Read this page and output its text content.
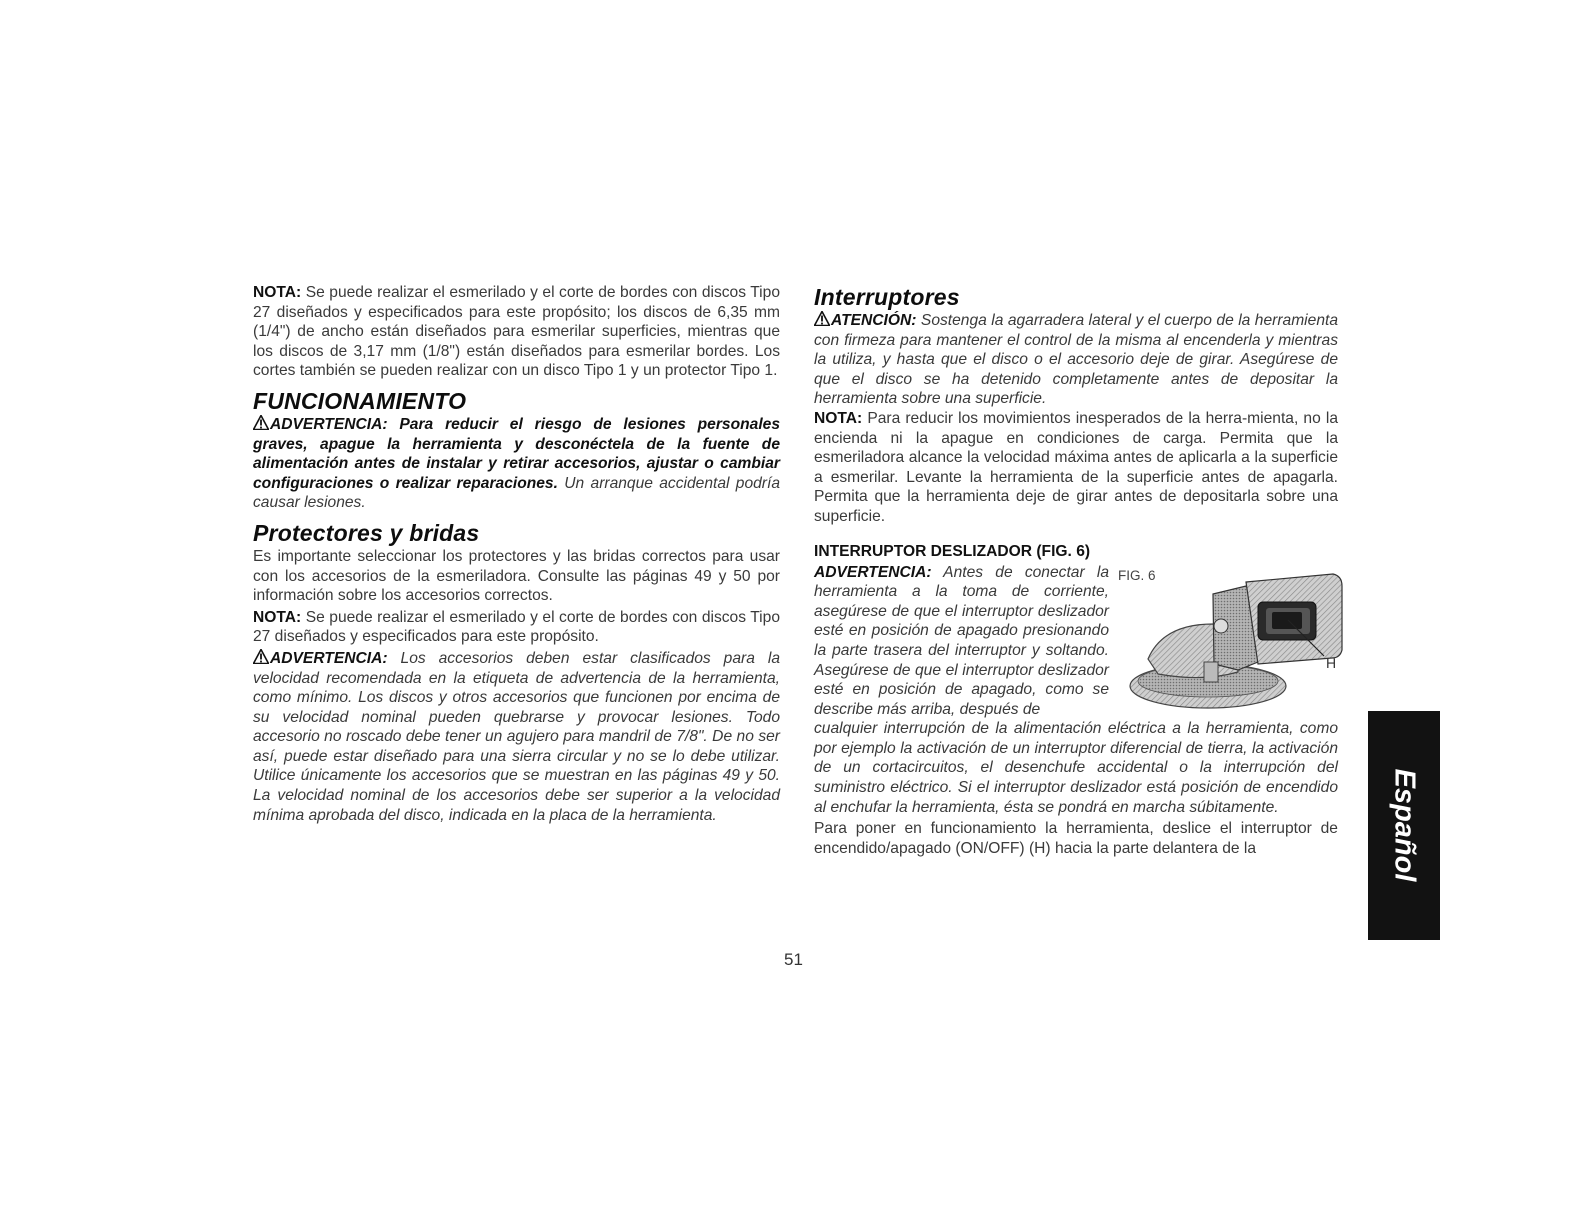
NOTA: Se puede realizar el esmerilado y el corte de bordes con discos Tipo 27 diseñados y especificados para este propósito; los discos de 6,35 mm (1/4") de ancho están diseñados para esmerilar superficies, mientras que los discos de 3,17 mm (1/8") están diseñados para esmerilar bordes. Los cortes también se pueden realizar con un disco Tipo 1 y un protector Tipo 1.

FUNCIONAMIENTO

ADVERTENCIA: Para reducir el riesgo de lesiones personales graves, apague la herramienta y desconéctela de la fuente de alimentación antes de instalar y retirar accesorios, ajustar o cambiar configuraciones o realizar reparaciones. Un arranque accidental podría causar lesiones.

Protectores y bridas

Es importante seleccionar los protectores y las bridas correctos para usar con los accesorios de la esmeriladora. Consulte las páginas 49 y 50 por información sobre los accesorios correctos.

NOTA: Se puede realizar el esmerilado y el corte de bordes con discos Tipo 27 diseñados y especificados para este propósito.

ADVERTENCIA: Los accesorios deben estar clasificados para la velocidad recomendada en la etiqueta de advertencia de la herramienta, como mínimo. Los discos y otros accesorios que funcionen por encima de su velocidad nominal pueden quebrarse y provocar lesiones. Todo accesorio no roscado debe tener un agujero para mandril de 7/8". De no ser así, puede estar diseñado para una sierra circular y no se lo debe utilizar. Utilice únicamente los accesorios que se muestran en las páginas 49 y 50. La velocidad nominal de los accesorios debe ser superior a la velocidad mínima aprobada del disco, indicada en la placa de la herramienta.

Interruptores

ATENCIÓN: Sostenga la agarradera lateral y el cuerpo de la herramienta con firmeza para mantener el control de la misma al encenderla y mientras la utiliza, y hasta que el disco o el accesorio deje de girar. Asegúrese de que el disco se ha detenido completamente antes de depositar la herramienta sobre una superficie.

NOTA: Para reducir los movimientos inesperados de la herra-mienta, no la encienda ni la apague en condiciones de carga. Permita que la esmeriladora alcance la velocidad máxima antes de aplicarla a la superficie a esmerilar. Levante la herramienta de la superficie antes de apagarla. Permita que la herramienta deje de girar antes de depositarla sobre una superficie.

INTERRUPTOR DESLIZADOR (FIG. 6)

ADVERTENCIA: Antes de conectar la herramienta a la toma de corriente, asegúrese de que el interruptor deslizador esté en posición de apagado presionando la parte trasera del interruptor y soltando. Asegúrese de que el interruptor deslizador esté en posición de apagado, como se describe más arriba, después de

FIG. 6
H

cualquier interrupción de la alimentación eléctrica a la herramienta, como por ejemplo la activación de un interruptor diferencial de tierra, la activación de un cortacircuitos, el desenchufe accidental o la interrupción del suministro eléctrico. Si el interruptor deslizador está posición de encendido al enchufar la herramienta, ésta se pondrá en marcha súbitamente.

Para poner en funcionamiento la herramienta, deslice el interruptor de encendido/apagado (ON/OFF) (H) hacia la parte delantera de la

51
Español
